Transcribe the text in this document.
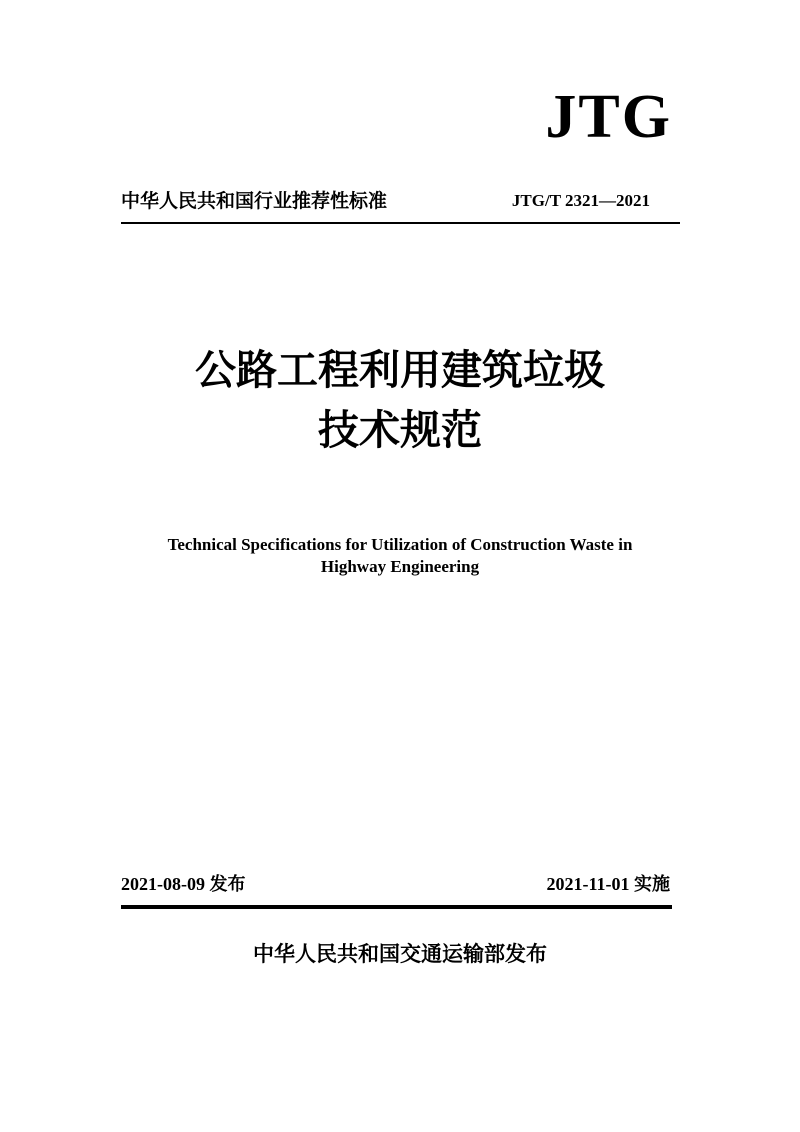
JTG
中华人民共和国行业推荐性标准	JTG/T 2321—2021
公路工程利用建筑垃圾
技术规范
Technical Specifications for Utilization of Construction Waste in
Highway Engineering
2021-08-09 发布	2021-11-01 实施
中华人民共和国交通运输部发布
